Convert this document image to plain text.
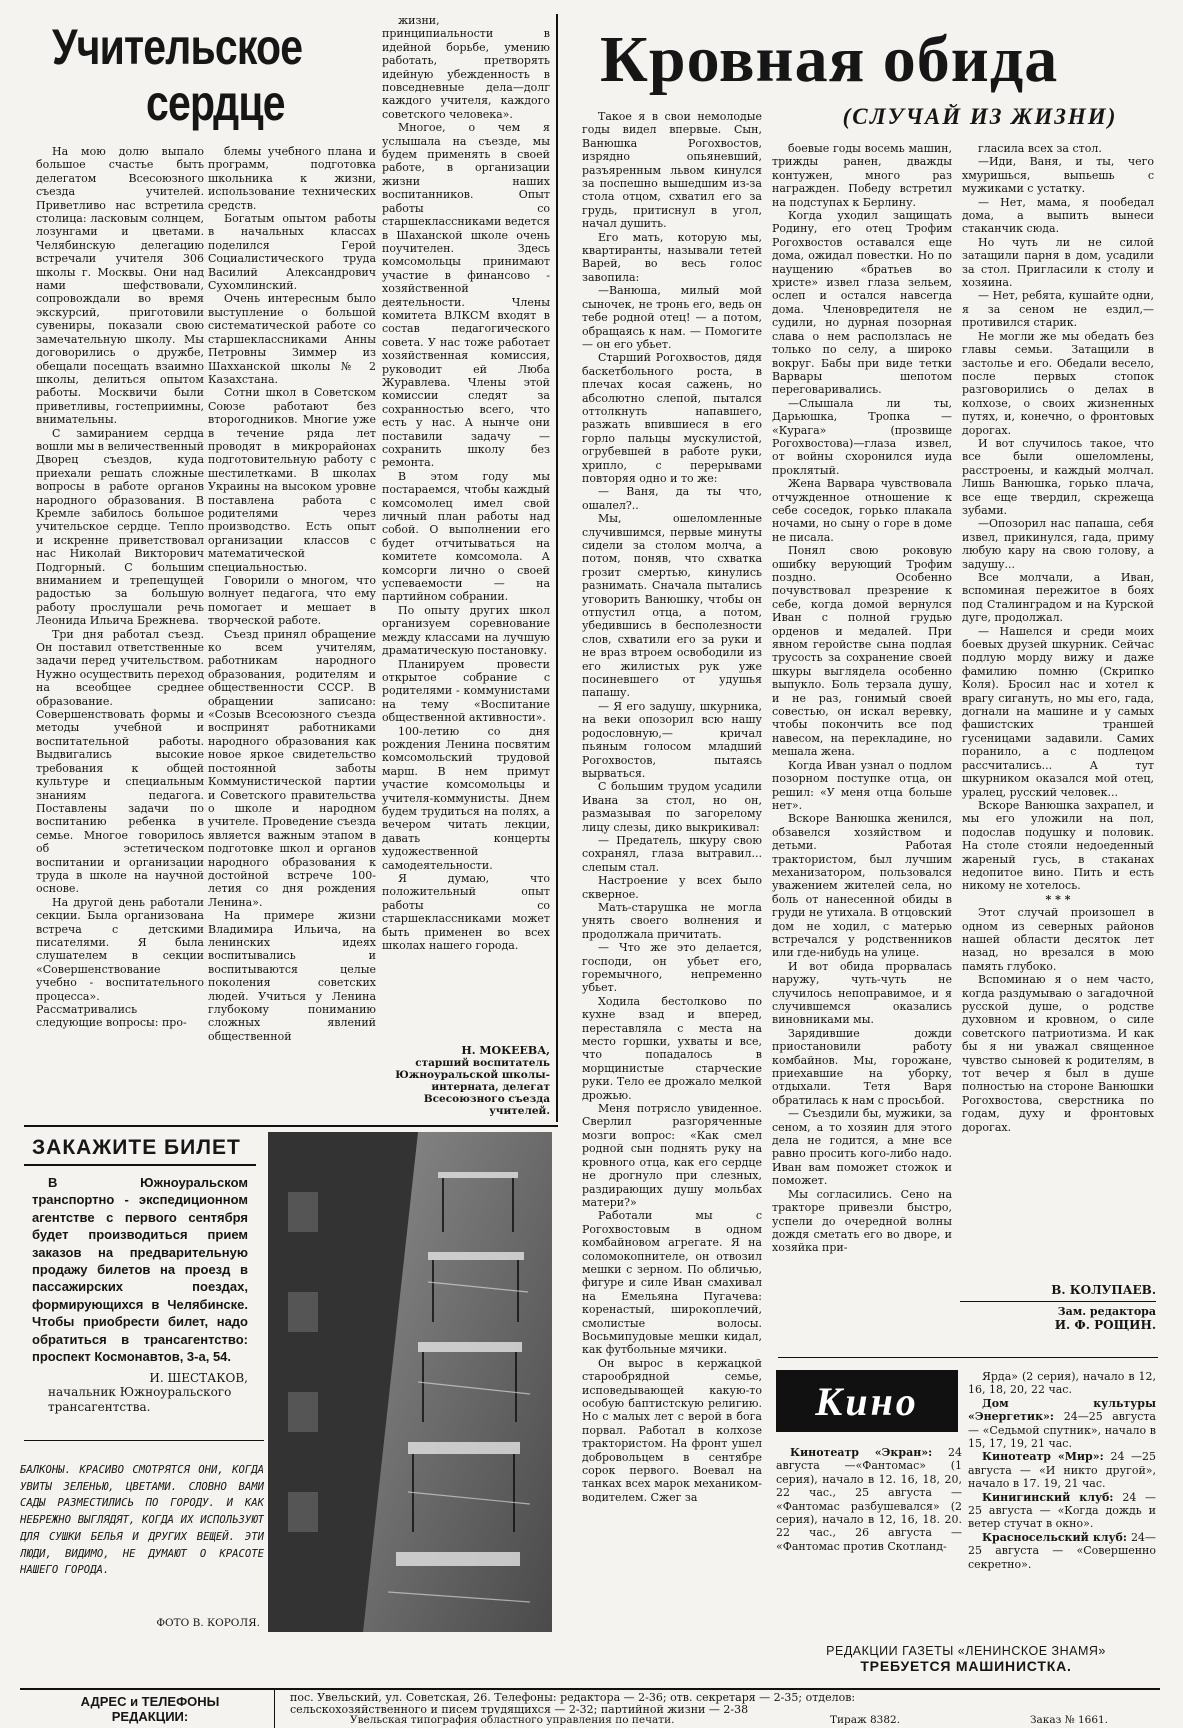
Учительское
сердце

На мою долю выпало большое счастье быть делегатом Всесоюзного съезда учителей. Приветливо нас встретила столица: ласковым солнцем, лозунгами и цветами. Челябинскую делегацию встречали учителя 306 школы г. Москвы. Они над нами шефствовали, сопровождали во время экскурсий, приготовили сувениры, показали свою замечательную школу. Мы договорились о дружбе, обещали посещать взаимно школы, делиться опытом работы. Москвичи были приветливы, гостеприимны, внимательны.

С замиранием сердца вошли мы в величественный Дворец съездов, куда приехали решать сложные вопросы в работе органов народного образования. В Кремле забилось большое учительское сердце. Тепло и искренне приветствовал нас Николай Викторович Подгорный. С большим вниманием и трепещущей радостью за большую работу прослушали речь Леонида Ильича Брежнева.

Три дня работал съезд. Он поставил ответственные задачи перед учительством. Нужно осуществить переход на всеобщее среднее образование. Совершенствовать формы и методы учебной и воспитательной работы. Выдвигались высокие требования к общей культуре и специальным знаниям педагога. Поставлены задачи по воспитанию ребенка в семье. Многое говорилось об эстетическом воспитании и организации труда в школе на научной основе.

На другой день работали секции. Была организована встреча с детскими писателями. Я была слушателем в секции «Совершенствование учебно - воспитательного процесса». Рассматривались следующие вопросы: про-

блемы учебного плана и программ, подготовка школьника к жизни, использование технических средств.

Богатым опытом работы в начальных классах поделился Герой Социалистического труда Василий Александрович Сухомлинский.

Очень интересным было выступление о большой систематической работе со старшеклассниками Анны Петровны Зиммер из Шахханской школы № 2 Казахстана.

Сотни школ в Советском Союзе работают без второгодников. Многие уже в течение ряда лет проводят в микрорайонах подготовительную работу с шестилетками. В школах Украины на высоком уровне поставлена работа с родителями через производство. Есть опыт организации классов с математической специальностью.

Говорили о многом, что волнует педагога, что ему помогает и мешает в творческой работе.

Съезд принял обращение ко всем учителям, работникам народного образования, родителям и общественности СССР. В обращении записано: «Созыв Всесоюзного съезда воспринят работниками народного образования как новое яркое свидетельство постоянной заботы Коммунистической партии и Советского правительства о школе и народном учителе. Проведение съезда является важным этапом в подготовке школ и органов народного образования к достойной встрече 100-летия со дня рождения Ленина».

На примере жизни Владимира Ильича, на ленинских идеях воспитывались и воспитываются целые поколения советских людей. Учиться у Ленина глубокому пониманию сложных явлений общественной

жизни, принципиальности в идейной борьбе, умению работать, претворять идейную убежденность в повседневные дела—долг каждого учителя, каждого советского человека».

Многое, о чем я услышала на съезде, мы будем применять в своей работе, в организации жизни наших воспитанников. Опыт работы со старшеклассниками ведется в Шаханской школе очень поучителен. Здесь комсомольцы принимают участие в финансово - хозяйственной деятельности. Члены комитета ВЛКСМ входят в состав педагогического совета. У нас тоже работает хозяйственная комиссия, руководит ей Люба Журавлева. Члены этой комиссии следят за сохранностью всего, что есть у нас. А нынче они поставили задачу —сохранить школу без ремонта.

В этом году мы постараемся, чтобы каждый комсомолец имел свой личный план работы над собой. О выполнении его будет отчитываться на комитете комсомола. А комсорги лично о своей успеваемости — на партийном собрании.

По опыту других школ организуем соревнование между классами на лучшую драматическую постановку.

Планируем провести открытое собрание с родителями - коммунистами на тему «Воспитание общественной активности».

100-летию со дня рождения Ленина посвятим комсомольский трудовой марш. В нем примут участие комсомольцы и учителя-коммунисты. Днем будем трудиться на полях, а вечером читать лекции, давать концерты художественной самодеятельности.

Я думаю, что положительный опыт работы со старшеклассниками может быть применен во всех школах нашего города.

Н. МОКЕЕВА,

старший воспитатель Южноуральской школы-интерната, делегат Всесоюзного съезда учителей.

ЗАКАЖИТЕ БИЛЕТ
В Южноуральском транспортно - экспедиционном агентстве с первого сентября будет производиться прием заказов на предварительную продажу билетов на проезд в пассажирских поездах, формирующихся в Челябинске. Чтобы приобрести билет, надо обратиться в трансагентство: проспект Космонавтов, 3-а, 54.
И. ШЕСТАКОВ,
начальник Южноуральского трансагентства.
БАЛКОНЫ. КРАСИВО СМОТРЯТСЯ ОНИ, КОГДА УВИТЫ ЗЕЛЕНЬЮ, ЦВЕТАМИ. СЛОВНО ВАМИ САДЫ РАЗМЕСТИЛИСЬ ПО ГОРОДУ. И КАК НЕБРЕЖНО ВЫГЛЯДЯТ, КОГДА ИХ ИСПОЛЬЗУЮТ ДЛЯ СУШКИ БЕЛЬЯ И ДРУГИХ ВЕЩЕЙ. ЭТИ ЛЮДИ, ВИДИМО, НЕ ДУМАЮТ О КРАСОТЕ НАШЕГО ГОРОДА.
ФОТО В. КОРОЛЯ.
Кровная обида
(СЛУЧАЙ ИЗ ЖИЗНИ)

Такое я в свои немолодые годы видел впервые. Сын, Ванюшка Рогохвостов, изрядно опьяневший, разъяренным львом кинулся за поспешно вышедшим из-за стола отцом, схватил его за грудь, притиснул в угол, начал душить.

Его мать, которую мы, квартиранты, называли тетей Варей, во весь голос завопила:

—Ванюша, милый мой сыночек, не тронь его, ведь он тебе родной отец! — а потом, обращаясь к нам. — Помогите — он его убьет.

Старший Рогохвостов, дядя баскетбольного роста, в плечах косая сажень, но абсолютно слепой, пытался оттолкнуть напавшего, разжать впившиеся в его горло пальцы мускулистой, огрубевшей в работе руки, хрипло, с перерывами повторяя одно и то же:

— Ваня, да ты что, ошалел?..

Мы, ошеломленные случившимся, первые минуты сидели за столом молча, а потом, поняв, что схватка грозит смертью, кинулись разнимать. Сначала пытались уговорить Ванюшку, чтобы он отпустил отца, а потом, убедившись в бесполезности слов, схватили его за руки и не враз втроем освободили из его жилистых рук уже посиневшего от удушья папашу.

— Я его задушу, шкурника, на веки опозорил всю нашу родословную,— кричал пьяным голосом младший Рогохвостов, пытаясь вырваться.

С большим трудом усадили Ивана за стол, но он, размазывая по загорелому лицу слезы, дико выкрикивал:

— Предатель, шкуру свою сохранял, глаза вытравил... слепым стал.

Настроение у всех было скверное.

Мать-старушка не могла унять своего волнения и продолжала причитать.

— Что же это делается, господи, он убьет его, горемычного, непременно убьет.

Ходила бестолково по кухне взад и вперед, переставляла с места на место горшки, ухваты и все, что попадалось в морщинистые старческие руки. Тело ее дрожало мелкой дрожью.

Меня потрясло увиденное. Сверлил разгоряченные мозги вопрос: «Как смел родной сын поднять руку на кровного отца, как его сердце не дрогнуло при слезных, раздирающих душу мольбах матери?»

Работали мы с Рогохвостовым в одном комбайновом агрегате. Я на соломокопнителе, он отвозил мешки с зерном. По обличью, фигуре и силе Иван смахивал на Емельяна Пугачева: коренастый, широкоплечий, смолистые волосы. Восьмипудовые мешки кидал, как футбольные мячики.

Он вырос в кержацкой старообрядной семье, исповедывающей какую-то особую баптистскую религию. Но с малых лет с верой в бога порвал. Работал в колхозе трактористом. На фронт ушел добровольцем в сентябре сорок первого. Воевал на танках всех марок механиком-водителем. Сжег за

боевые годы восемь машин, трижды ранен, дважды контужен, много раз награжден. Победу встретил на подступах к Берлину.

Когда уходил защищать Родину, его отец Трофим Рогохвостов оставался еще дома, ожидал повестки. Но по наущению «братьев во христе» извел глаза зельем, ослеп и остался навсегда дома. Членовредителя не судили, но дурная позорная слава о нем расползлась не только по селу, а широко вокруг. Бабы при виде тетки Варвары шепотом переговаривались.

—Слышала ли ты, Дарьюшка, Тропка — «Курага» (прозвище Рогохвостова)—глаза извел, от войны схоронился иуда проклятый.

Жена Варвара чувствовала отчужденное отношение к себе соседок, горько плакала ночами, но сыну о горе в доме не писала.

Понял свою роковую ошибку верующий Трофим поздно. Особенно почувствовал презрение к себе, когда домой вернулся Иван с полной грудью орденов и медалей. При явном геройстве сына подлая трусость за сохранение своей шкуры выглядела особенно выпукло. Боль терзала душу, и не раз, гонимый своей совестью, он искал веревку, чтобы покончить все под навесом, на перекладине, но мешала жена.

Когда Иван узнал о подлом позорном поступке отца, он решил: «У меня отца больше нет».

Вскоре Ванюшка женился, обзавелся хозяйством и детьми. Работая трактористом, был лучшим механизатором, пользовался уважением жителей села, но боль от нанесенной обиды в груди не утихала. В отцовский дом не ходил, с матерью встречался у родственников или где-нибудь на улице.

И вот обида прорвалась наружу, чуть-чуть не случилось непоправимое, и я случившемся оказались виновниками мы.

Зарядившие дожди приостановили работу комбайнов. Мы, горожане, приехавшие на уборку, отдыхали. Тетя Варя обратилась к нам с просьбой.

— Съездили бы, мужики, за сеном, а то хозяин для этого дела не годится, а мне все равно просить кого-либо надо. Иван вам поможет стожок и поможет.

Мы согласились. Сено на тракторе привезли быстро, успели до очередной волны дождя сметать его во дворе, и хозяйка при-

гласила всех за стол.

—Иди, Ваня, и ты, чего хмуришься, выпьешь с мужиками с устатку.

— Нет, мама, я пообедал дома, а выпить вынеси стаканчик сюда.

Но чуть ли не силой затащили парня в дом, усадили за стол. Пригласили к столу и хозяина.

— Нет, ребята, кушайте одни, я за сеном не ездил,— противился старик.

Не могли же мы обедать без главы семьи. Затащили в застолье и его. Обедали весело, после первых стопок разговорились о делах в колхозе, о своих жизненных путях, и, конечно, о фронтовых дорогах.

И вот случилось такое, что все были ошеломлены, расстроены, и каждый молчал. Лишь Ванюшка, горько плача, все еще твердил, скрежеща зубами.

—Опозорил нас папаша, себя извел, прикинулся, гада, приму любую кару на свою голову, а задушу...

Все молчали, а Иван, вспоминая пережитое в боях под Сталинградом и на Курской дуге, продолжал.

— Нашелся и среди моих боевых друзей шкурник. Сейчас подлую морду вижу и даже фамилию помню (Скрипко Коля). Бросил нас и хотел к врагу сигануть, но мы его, гада, догнали на машине и у самых фашистских траншей гусеницами задавили. Самих поранило, а с подлецом рассчитались... А тут шкурником оказался мой отец, уралец, русский человек...

Вскоре Ванюшка захрапел, и мы его уложили на пол, подослав подушку и половик. На столе стояли недоеденный жареный гусь, в стаканах недопитое вино. Пить и есть никому не хотелось.

* * *

Этот случай произошел в одном из северных районов нашей области десяток лет назад, но врезался в мою память глубоко.

Вспоминаю я о нем часто, когда раздумываю о загадочной русской душе, о родстве духовном и кровном, о силе советского патриотизма. И как бы я ни уважал священное чувство сыновей к родителям, в тот вечер я был в душе полностью на стороне Ванюшки Рогохвостова, сверстника по годам, духу и фронтовых дорогах.

В. КОЛУПАЕВ.
Зам. редактора
И. Ф. РОЩИН.
Кино

Кинотеатр «Экран»: 24 августа —«Фантомас» (1 серия), начало в 12. 16, 18, 20, 22 час., 25 августа — «Фантомас разбушевался» (2 серия), начало в 12, 16, 18. 20. 22 час., 26 августа — «Фантомас против Скотланд-

Ярда» (2 серия), начало в 12, 16, 18, 20, 22 час.

Дом культуры «Энергетик»: 24—25 августа — «Седьмой спутник», начало в 15, 17, 19, 21 час.

Кинотеатр «Мир»: 24 —25 августа — «И никто другой», начало в 17. 19, 21 час.

Кинигинский клуб: 24 — 25 августа — «Когда дождь и ветер стучат в окно».

Красносельский клуб: 24—25 августа — «Совершенно секретно».

РЕДАКЦИИ ГАЗЕТЫ «ЛЕНИНСКОЕ ЗНАМЯ»
ТРЕБУЕТСЯ МАШИНИСТКА.
АДРЕС и ТЕЛЕФОНЫ
РЕДАКЦИИ:
пос. Увельский, ул. Советская, 26. Телефоны: редактора — 2-36; отв. секретаря — 2-35; отделов:
сельскохозяйственного и писем трудящихся — 2-32; партийной жизни — 2-38
Увельская типография областного управления по печати.	Тираж 8382.	Заказ № 1661.
